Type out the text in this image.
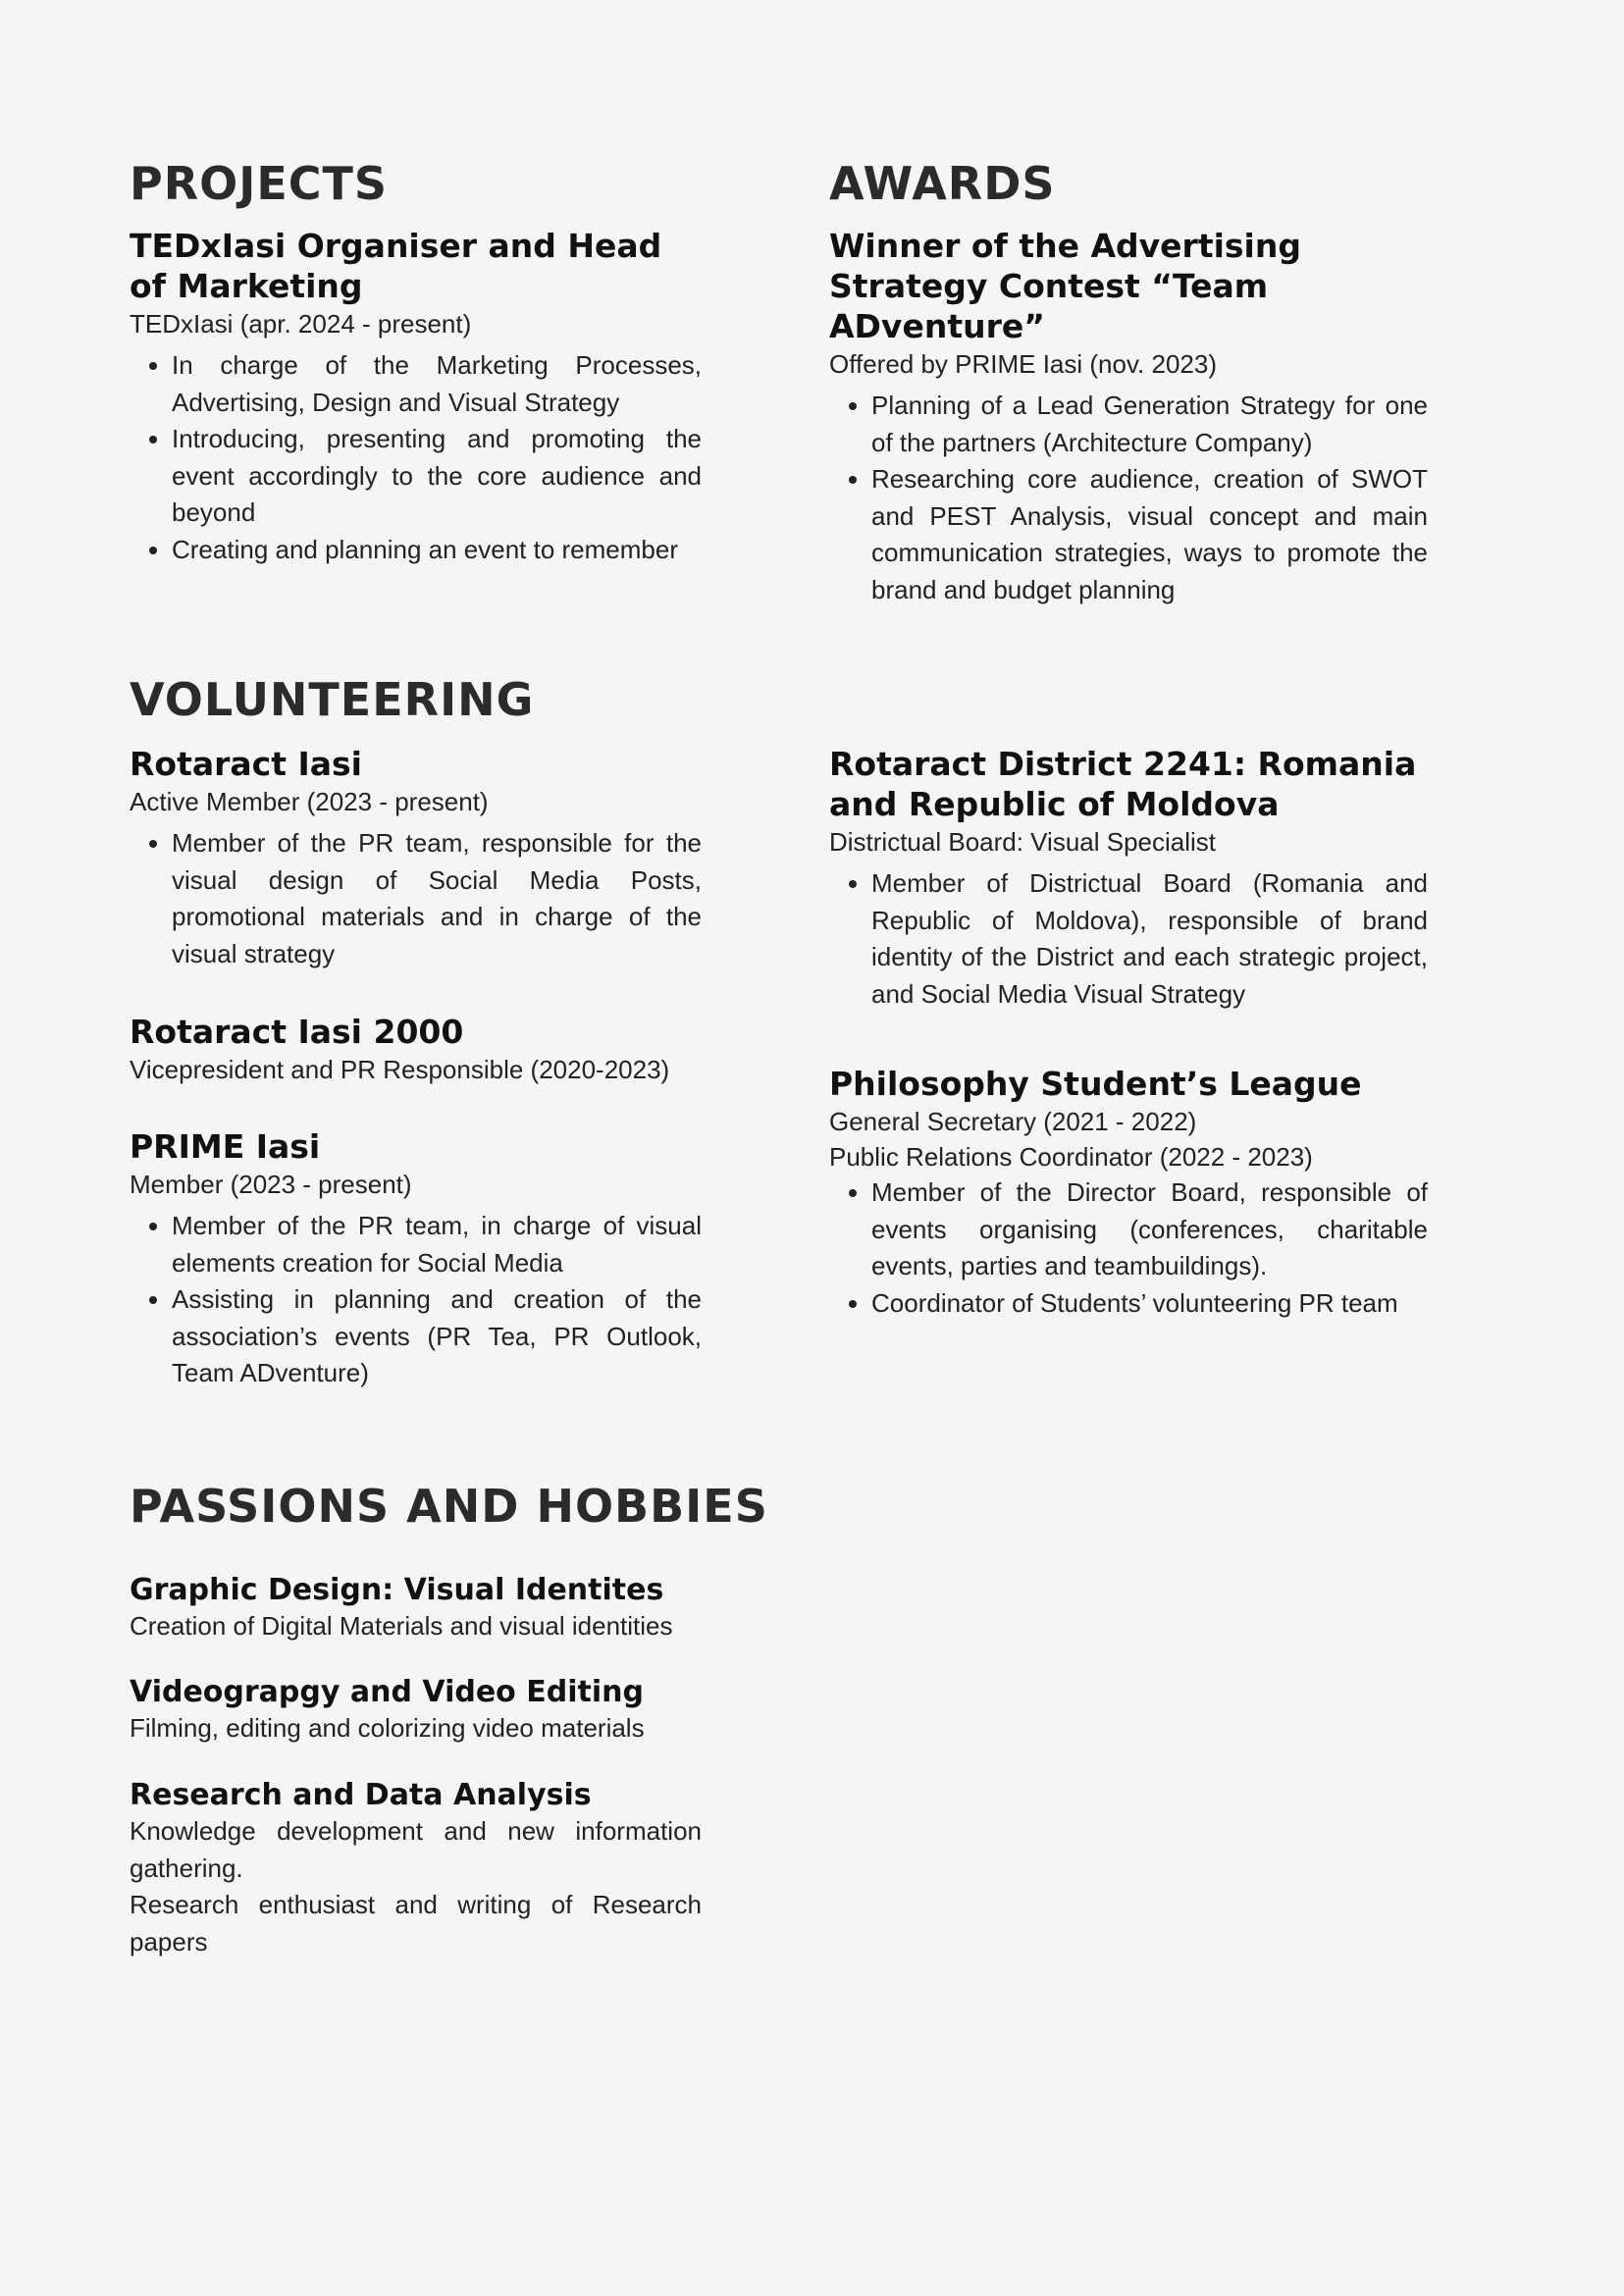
PROJECTS
TEDxIasi Organiser and Head of Marketing

TEDxIasi (apr. 2024 - present)

• In charge of the Marketing Processes, Advertising, Design and Visual Strategy
• Introducing, presenting and promoting the event accordingly to the core audience and beyond
• Creating and planning an event to remember
AWARDS
Winner of the Advertising Strategy Contest “Team ADventure”

Offered by PRIME Iasi (nov. 2023)

• Planning of a Lead Generation Strategy for one of the partners (Architecture Company)
• Researching core audience, creation of SWOT and PEST Analysis, visual concept and main communication strategies, ways to promote the brand and budget planning
VOLUNTEERING
Rotaract Iasi

Active Member (2023 - present)

• Member of the PR team, responsible for the visual design of Social Media Posts, promotional materials and in charge of the visual strategy
Rotaract Iasi 2000

Vicepresident and PR Responsible (2020-2023)

PRIME Iasi

Member (2023 - present)

• Member of the PR team, in charge of visual elements creation for Social Media
• Assisting in planning and creation of the association’s events (PR Tea, PR Outlook, Team ADventure)
Rotaract District 2241: Romania and Republic of Moldova

Districtual Board: Visual Specialist

• Member of Districtual Board (Romania and Republic of Moldova), responsible of brand identity of the District and each strategic project, and Social Media Visual Strategy
Philosophy Student’s League

General Secretary (2021 - 2022)

Public Relations Coordinator (2022 - 2023)

• Member of the Director Board, responsible of events organising (conferences, charitable events, parties and teambuildings).
• Coordinator of Students’ volunteering PR team
PASSIONS AND HOBBIES
Graphic Design: Visual Identites

Creation of Digital Materials and visual identities

Videograpgy and Video Editing

Filming, editing and colorizing video materials

Research and Data Analysis

Knowledge development and new information gathering.

Research enthusiast and writing of Research papers
